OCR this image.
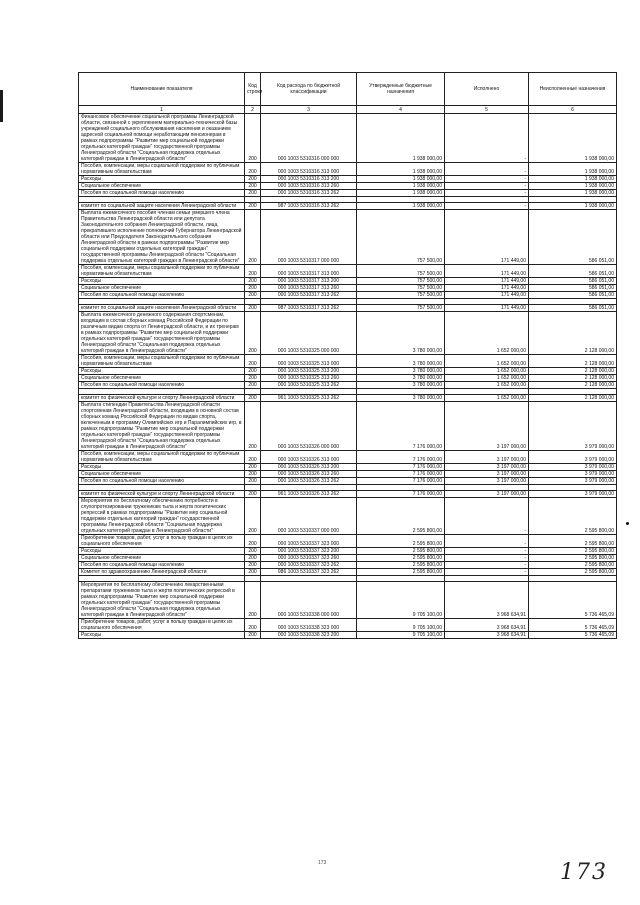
Наименование показателя	Код строки	Код расхода по бюджетной классификации	Утвержденные бюджетные назначения	Исполнено	Неисполненные назначения
1	2	3	4	5	6
Финансовое обеспечение социальной программы Ленинградской области, связанной с укреплением материально-технической базы учреждений социального обслуживания населения и оказанием адресной социальной помощи неработающим пенсионерам в рамках подпрограммы "Развитие мер социальной поддержки отдельных категорий граждан" государственной программы Ленинградской области "Социальная поддержка отдельных категорий граждан в Ленинградской области"	200	000 1003 5310316 000 000	1 938 000,00	-	1 938 000,00
Пособия, компенсации, меры социальной поддержки по публичным нормативным обязательствам	200	000 1003 5310316 313 000	1 938 000,00	-	1 938 000,00
Расходы	200	000 1003 5310316 313 200	1 938 000,00	-	1 938 000,00
Социальное обеспечение	200	000 1003 5310316 313 260	1 938 000,00	-	1 938 000,00
Пособия по социальной помощи населению	200	000 1003 5310316 313 262	1 938 000,00	-	1 938 000,00

комитет по социальной защите населения Ленинградской области	200	987 1003 5310316 313 262	1 938 000,00	-	1 938 000,00
Выплата ежемесячного пособия членам семьи умершего члена Правительства Ленинградской области или депутата Законодательного собрания Ленинградской области, лица, прекратившего исполнение полномочий Губернатора Ленинградской области или Председателя Законодательного собрания Ленинградской области в рамках подпрограммы "Развитие мер социальной поддержки отдельных категорий граждан" государственной программы Ленинградской области "Социальная поддержка отдельных категорий граждан в Ленинградской области"	200	000 1003 5310317 000 000	757 500,00	171 449,00	586 051,00
Пособия, компенсации, меры социальной поддержки по публичным нормативным обязательствам	200	000 1003 5310317 313 000	757 500,00	171 449,00	586 051,00
Расходы	200	000 1003 5310317 313 200	757 500,00	171 449,00	586 051,00
Социальное обеспечение	200	000 1003 5310317 313 260	757 500,00	171 449,00	586 051,00
Пособия по социальной помощи населению	200	000 1003 5310317 313 262	757 500,00	171 449,00	586 051,00

комитет по социальной защите населения Ленинградской области	200	987 1003 5310317 313 262	757 500,00	171 449,00	586 051,00
Выплата ежемесячного денежного содержания спортсменам, входящим в состав сборных команд Российской Федерации по различным видам спорта от Ленинградской области, и их тренерам в рамках подпрограммы "Развитие мер социальной поддержки отдельных категорий граждан" государственной программы Ленинградской области "Социальная поддержка отдельных категорий граждан в Ленинградской области"	200	000 1003 5310325 000 000	3 780 000,00	1 652 000,00	2 128 000,00
Пособия, компенсации, меры социальной поддержки по публичным нормативным обязательствам	200	000 1003 5310325 313 000	3 780 000,00	1 652 000,00	2 128 000,00
Расходы	200	000 1003 5310325 313 200	3 780 000,00	1 652 000,00	2 128 000,00
Социальное обеспечение	200	000 1003 5310325 313 260	3 780 000,00	1 652 000,00	2 128 000,00
Пособия по социальной помощи населению	200	000 1003 5310325 313 262	3 780 000,00	1 652 000,00	2 128 000,00

комитет по физической культуре и спорту Ленинградской области	200	961 1003 5310325 313 262	3 780 000,00	1 652 000,00	2 128 000,00
Выплата стипендии Правительства Ленинградской области спортсменам Ленинградской области, входящим в основной состав сборных команд Российской Федерации по видам спорта, включенным в программу Олимпийских игр и Паралимпийских игр, в рамках подпрограммы "Развитие мер социальной поддержки отдельных категорий граждан" государственной программы Ленинградской области "Социальная поддержка отдельных категорий граждан в Ленинградской области"	200	000 1003 5310326 000 000	7 176 000,00	3 197 000,00	3 979 000,00
Пособия, компенсации, меры социальной поддержки по публичным нормативным обязательствам	200	000 1003 5310326 313 000	7 176 000,00	3 197 000,00	3 979 000,00
Расходы	200	000 1003 5310326 313 200	7 176 000,00	3 197 000,00	3 979 000,00
Социальное обеспечение	200	000 1003 5310326 313 260	7 176 000,00	3 197 000,00	3 979 000,00
Пособия по социальной помощи населению	200	000 1003 5310326 313 262	7 176 000,00	3 197 000,00	3 979 000,00

комитет по физической культуре и спорту Ленинградской области	200	961 1003 5310326 313 262	7 176 000,00	3 197 000,00	3 979 000,00
Мероприятия по бесплатному обеспечению потребности в слухопротезировании труженикам тыла и жертв политических репрессий в рамках подпрограммы "Развитие мер социальной поддержки отдельных категорий граждан" государственной программы Ленинградской области "Социальная поддержка отдельных категорий граждан в Ленинградской области"	200	000 1003 5310337 000 000	2 595 800,00	-	2 595 800,00
Приобретение товаров, работ, услуг в пользу граждан в целях их социального обеспечения	200	000 1003 5310337 323 000	2 595 800,00	-	2 595 800,00
Расходы	200	000 1003 5310337 323 200	2 595 800,00	-	2 595 800,00
Социальное обеспечение	200	000 1003 5310337 323 260	2 595 800,00	-	2 595 800,00
Пособия по социальной помощи населению	200	000 1003 5310337 323 262	2 595 800,00	-	2 595 800,00
Комитет по здравоохранению Ленинградской области	200	986 1003 5310337 323 262	2 595 800,00	-	2 595 800,00

Мероприятия по бесплатному обеспечению лекарственными препаратами тружеников тыла и жертв политических репрессий в рамках подпрограммы "Развитие мер социальной поддержки отдельных категорий граждан" государственной программы Ленинградской области "Социальная поддержка отдельных категорий граждан в Ленинградской области"	200	000 1003 5310338 000 000	9 705 100,00	3 968 634,91	5 736 465,09
Приобретение товаров, работ, услуг в пользу граждан в целях их социального обеспечения	200	000 1003 5310338 323 000	9 705 100,00	3 968 634,91	5 736 465,09
Расходы	200	000 1003 5310338 323 200	9 705 100,00	3 968 634,91	5 736 465,09
173	173
